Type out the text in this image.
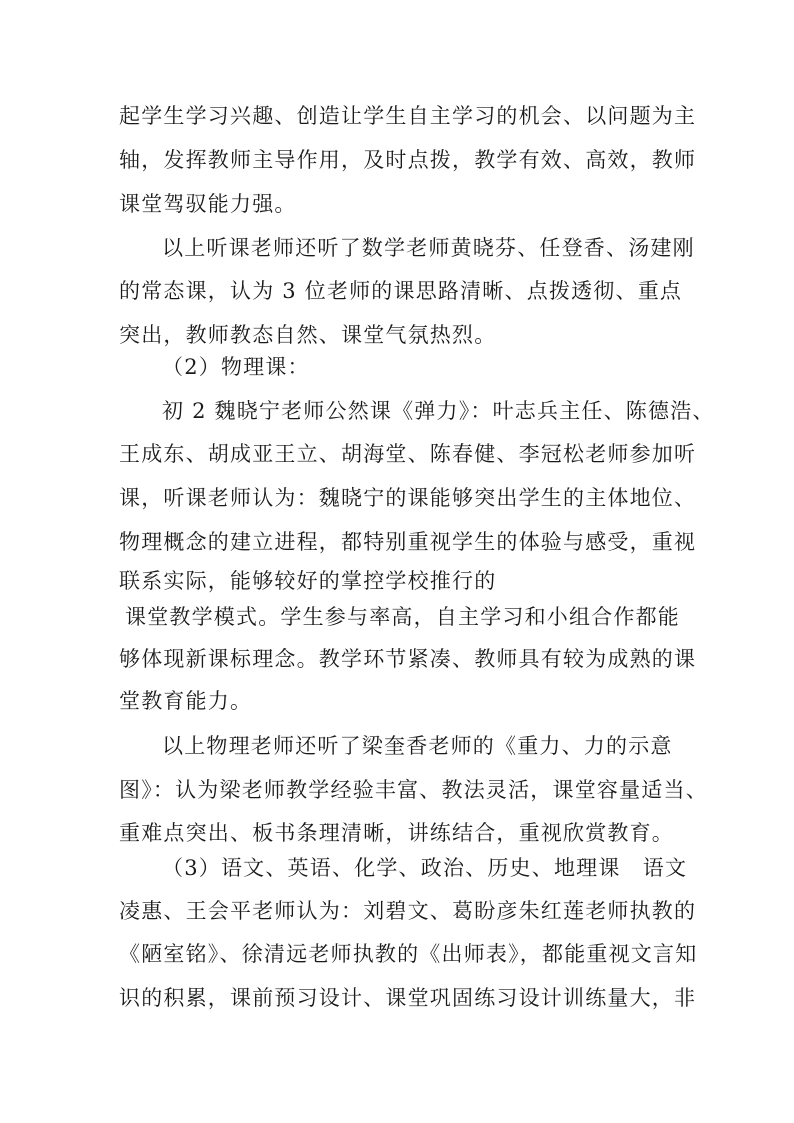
起学生学习兴趣、创造让学生自主学习的机会、以问题为主
轴，发挥教师主导作用，及时点拨，教学有效、高效，教师
课堂驾驭能力强。
以上听课老师还听了数学老师黄晓芬、任登香、汤建刚
的常态课，认为 3 位老师的课思路清晰、点拨透彻、重点
突出，教师教态自然、课堂气氛热烈。
（2）物理课：
初 2 魏晓宁老师公然课《弹力》：叶志兵主任、陈德浩、
王成东、胡成亚王立、胡海堂、陈春健、李冠松老师参加听
课，听课老师认为：魏晓宁的课能够突出学生的主体地位、
物理概念的建立进程，都特别重视学生的体验与感受，重视
联系实际，能够较好的掌控学校推行的
课堂教学模式。学生参与率高，自主学习和小组合作都能
够体现新课标理念。教学环节紧凑、教师具有较为成熟的课
堂教育能力。
以上物理老师还听了梁奎香老师的《重力、力的示意
图》：认为梁老师教学经验丰富、教法灵活，课堂容量适当、
重难点突出、板书条理清晰，讲练结合，重视欣赏教育。
（3）语文、英语、化学、政治、历史、地理课　语文
凌惠、王会平老师认为：刘碧文、葛盼彦朱红莲老师执教的
《陋室铭》、徐清远老师执教的《出师表》，都能重视文言知
识的积累，课前预习设计、课堂巩固练习设计训练量大，非
